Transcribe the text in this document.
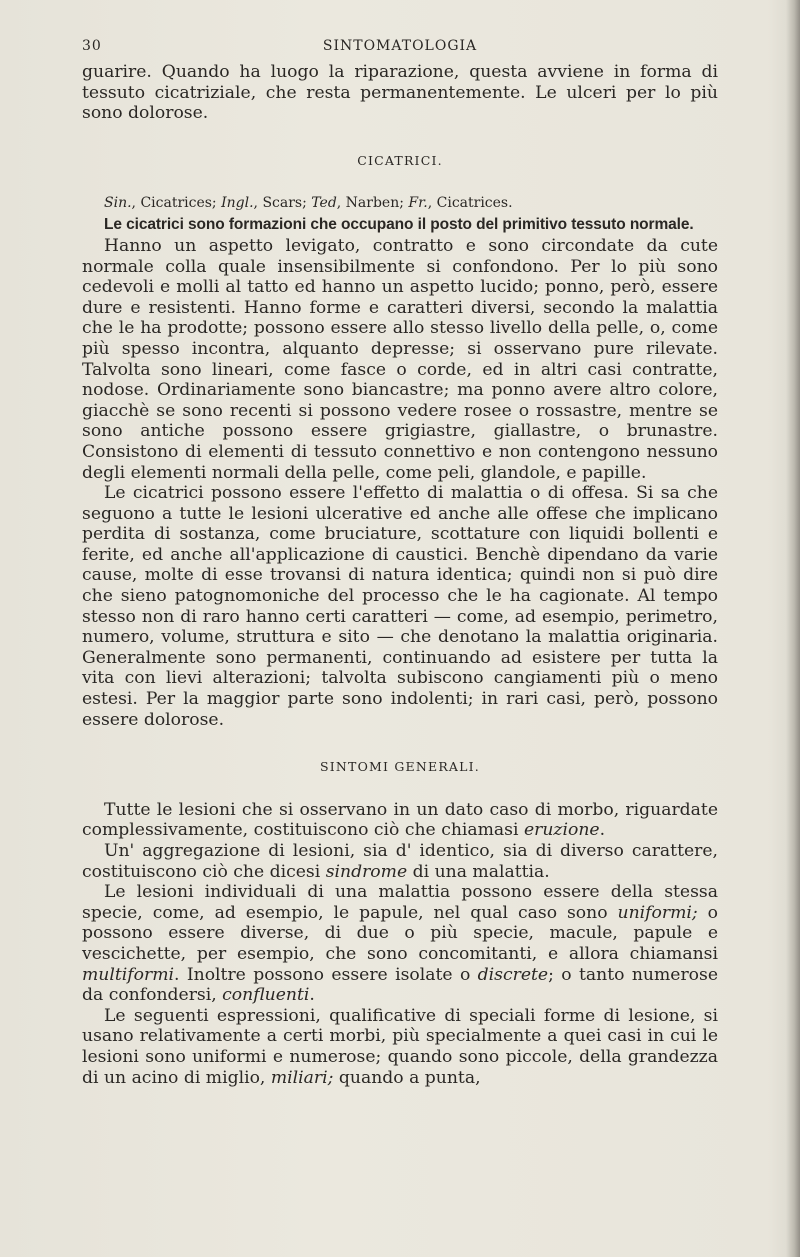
30	SINTOMATOLOGIA

guarire. Quando ha luogo la riparazione, questa avviene in forma di tessuto cicatriziale, che resta permanentemente. Le ulceri per lo più sono dolorose.

CICATRICI.

Sin., Cicatrices; Ingl., Scars; Ted, Narben; Fr., Cicatrices.

Le cicatrici sono formazioni che occupano il posto del primitivo tessuto normale.

Hanno un aspetto levigato, contratto e sono circondate da cute normale colla quale insensibilmente si confondono. Per lo più sono cedevoli e molli al tatto ed hanno un aspetto lucido; ponno, però, essere dure e resistenti. Hanno forme e caratteri diversi, secondo la malattia che le ha prodotte; possono essere allo stesso livello della pelle, o, come più spesso incontra, alquanto depresse; si osservano pure rilevate. Talvolta sono lineari, come fasce o corde, ed in altri casi contratte, nodose. Ordinariamente sono biancastre; ma ponno avere altro colore, giacchè se sono recenti si possono vedere rosee o rossastre, mentre se sono antiche possono essere grigiastre, giallastre, o brunastre. Consistono di elementi di tessuto connettivo e non contengono nessuno degli elementi normali della pelle, come peli, glandole, e papille.

Le cicatrici possono essere l'effetto di malattia o di offesa. Si sa che seguono a tutte le lesioni ulcerative ed anche alle offese che implicano perdita di sostanza, come bruciature, scottature con liquidi bollenti e ferite, ed anche all'applicazione di caustici. Benchè dipendano da varie cause, molte di esse trovansi di natura identica; quindi non si può dire che sieno patognomoniche del processo che le ha cagionate. Al tempo stesso non di raro hanno certi caratteri — come, ad esempio, perimetro, numero, volume, struttura e sito — che denotano la malattia originaria. Generalmente sono permanenti, continuando ad esistere per tutta la vita con lievi alterazioni; talvolta subiscono cangiamenti più o meno estesi. Per la maggior parte sono indolenti; in rari casi, però, possono essere dolorose.

SINTOMI GENERALI.

Tutte le lesioni che si osservano in un dato caso di morbo, riguardate complessivamente, costituiscono ciò che chiamasi eruzione.

Un' aggregazione di lesioni, sia d' identico, sia di diverso carattere, costituiscono ciò che dicesi sindrome di una malattia.

Le lesioni individuali di una malattia possono essere della stessa specie, come, ad esempio, le papule, nel qual caso sono uniformi; o possono essere diverse, di due o più specie, macule, papule e vescichette, per esempio, che sono concomitanti, e allora chiamansi multiformi. Inoltre possono essere isolate o discrete; o tanto numerose da confondersi, confluenti.

Le seguenti espressioni, qualificative di speciali forme di lesione, si usano relativamente a certi morbi, più specialmente a quei casi in cui le lesioni sono uniformi e numerose; quando sono piccole, della grandezza di un acino di miglio, miliari; quando a punta,
